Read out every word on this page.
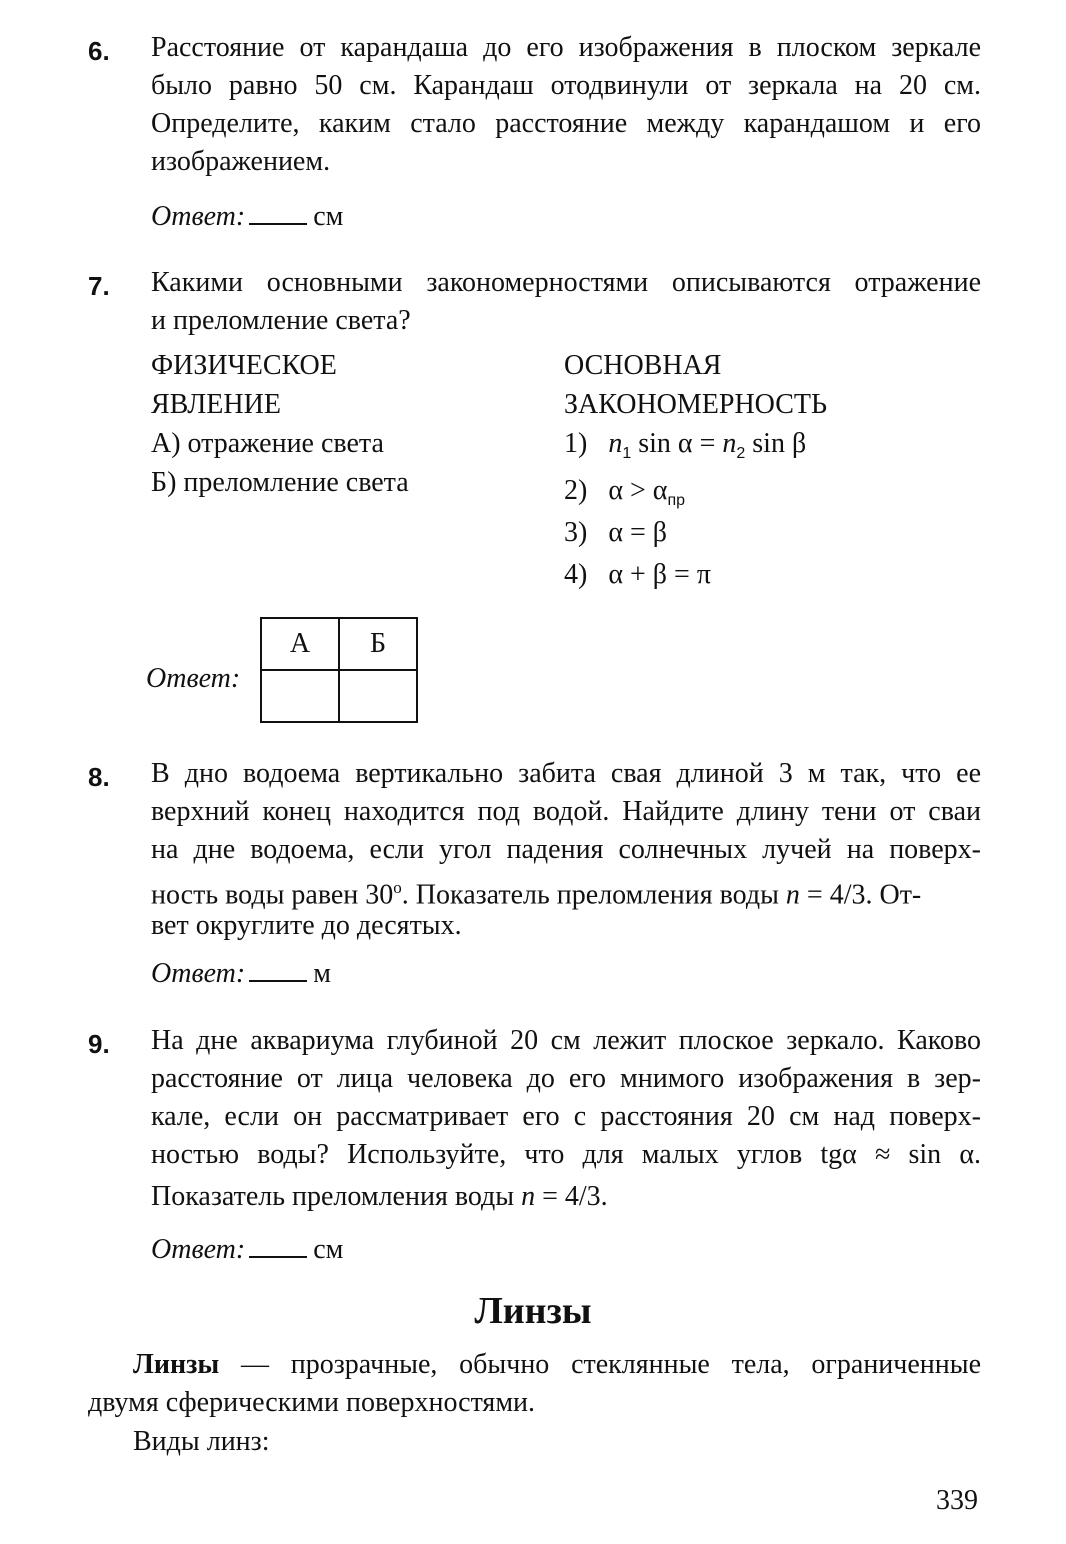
6. Расстояние от карандаша до его изображения в плоском зеркале
было равно 50 см. Карандаш отодвинули от зеркала на 20 см.
Определите, каким стало расстояние между карандашом и его
изображением.
Ответ: см
7. Какими основными закономерностями описываются отражение
и преломление света?
ФИЗИЧЕСКОЕ
ЯВЛЕНИЕ
ОСНОВНАЯ
ЗАКОНОМЕРНОСТЬ
А) отражение света
Б) преломление света
1) $n_1$ $\sin \alpha = n_2$ sin β
2) $\alpha > \alpha_{пр}$
3) α = β
4) α + β = π
Ответ:
А	Б

8. В дно водоема вертикально забита свая длиной 3 м так, что ее
верхний конец находится под водой. Найдите длину тени от сваи
на дне водоема, если угол падения солнечных лучей на поверх-
ность воды равен 30$^o$. Показатель преломления воды n = 4/3. От-
вет округлите до десятых.
Ответ: м
9. На дне аквариума глубиной 20 см лежит плоское зеркало. Каково
расстояние от лица человека до его мнимого изображения в зер-
кале, если он рассматривает его с расстояния 20 см над поверх-
ностью воды? Используйте, что для малых углов tgα ≈ sin α.
Показатель преломления воды n = 4/3.
Ответ: см
Линзы
Линзы — прозрачные, обычно стеклянные тела, ограниченные
двумя сферическими поверхностями.
Виды линз:
339
